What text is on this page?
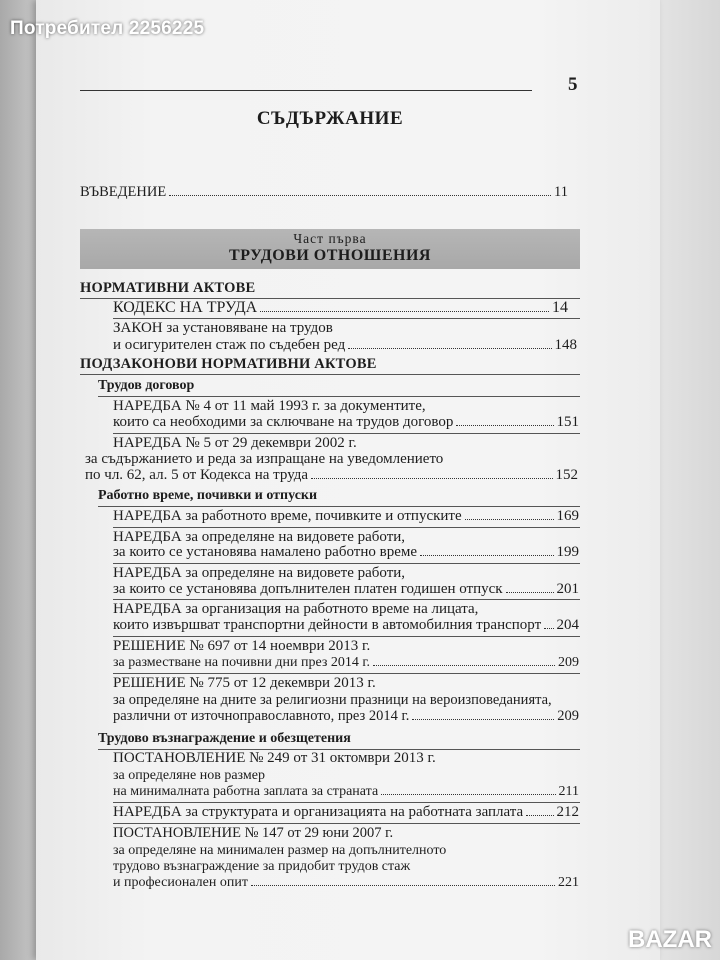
5
СЪДЪРЖАНИЕ
ВЪВЕДЕНИЕ	11
Част първа
ТРУДОВИ ОТНОШЕНИЯ
НОРМАТИВНИ АКТОВЕ
КОДЕКС НА ТРУДА	14
ЗАКОН за установяване на трудов
и осигурителен стаж по съдебен ред	148
ПОДЗАКОНОВИ НОРМАТИВНИ АКТОВЕ
Трудов договор
НАРЕДБА № 4 от 11 май 1993 г. за документите,
които са необходими за сключване на трудов договор	151
НАРЕДБА № 5 от 29 декември 2002 г.
за съдържанието и реда за изпращане на уведомлението
по чл. 62, ал. 5 от Кодекса на труда	152
Работно време, почивки и отпуски
НАРЕДБА за работното време, почивките и отпуските	169
НАРЕДБА за определяне на видовете работи,
за които се установява намалено работно време	199
НАРЕДБА за определяне на видовете работи,
за които се установява допълнителен платен годишен отпуск	201
НАРЕДБА за организация на работното време на лицата,
които извършват транспортни дейности в автомобилния транспорт 204
РЕШЕНИЕ № 697 от 14 ноември 2013 г.
за разместване на почивни дни през 2014 г.	209
РЕШЕНИЕ № 775 от 12 декември 2013 г.
за определяне на дните за религиозни празници на вероизповеданията,
различни от източноправославното, през 2014 г.	209
Трудово възнаграждение и обезщетения
ПОСТАНОВЛЕНИЕ № 249 от 31 октомври 2013 г.
за определяне нов размер
на минималната работна заплата за страната	211
НАРЕДБА за структурата и организацията на работната заплата 212
ПОСТАНОВЛЕНИЕ № 147 от 29 юни 2007 г.
за определяне на минимален размер на допълнителното
трудово възнаграждение за придобит трудов стаж
и професионален опит	221
Потребител 2256225
BAZAR
